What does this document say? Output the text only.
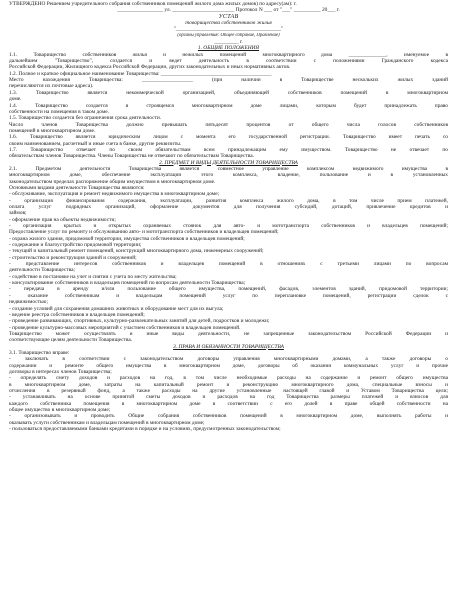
УТВЕРЖДЕНО Решением учредительного собрания собственников помещений жилого дома жилых домов) по адресу(ам): г.
_________________ ул. _______________________ Протокол N ___ от "___" __________ 20___ г.
УСТАВ
товарищества собственников жилья
"_______________________________________"
(органы управления: Общее собрание, Правление)
_________ г.
1. ОБЩИЕ ПОЛОЖЕНИЯ
1.1. Товарищество собственников жилья и нежилых помещений многоквартирного дома ______________, именуемое в
дальнейшем "Товарищество", создается и ведет деятельность в соответствии с положениями Гражданского кодекса
Российской Федерации, Жилищного кодекса Российской Федерации, других законодательных и иных нормативных актов.
1.2. Полное и краткое официальное наименование Товарищества: _________________________________________
Место нахождения Товарищества: ___________________ (при наличии в Товариществе нескольких жилых зданий
перечисляются их почтовые адреса).
1.3. Товарищество является некоммерческой организацией, объединяющей собственников помещений в многоквартирном
доме.
1.4. Товарищество создается в строящемся многоквартирном доме лицами, которым будет принадлежать право
собственности на помещения в таком доме.
1.5. Товарищество создается без ограничения срока деятельности.
Число членов Товарищества должно превышать пятьдесят процентов от общего числа голосов собственников
помещений в многоквартирном доме.
1.6. Товарищество является юридическим лицом с момента его государственной регистрации. Товарищество имеет печать со
своим наименованием, расчетный и иные счета в банке, другие реквизиты.
1.7. Товарищество отвечает по своим обязательствам всем принадлежащим ему имуществом. Товарищество не отвечает по
обязательствам членов Товарищества. Члены Товарищества не отвечают по обязательствам Товарищества.
2. ПРЕДМЕТ И ВИДЫ ДЕЯТЕЛЬНОСТИ ТОВАРИЩЕСТВА
2.1. Предметом деятельности Товарищества является совместное управление комплексом недвижимого имущества в
многоквартирном доме, обеспечение эксплуатации этого комплекса, владение, пользование и в установленных
законодательством пределах распоряжение общим имуществом в многоквартирном доме.
Основными видами деятельности Товарищества являются:
- обслуживание, эксплуатация и ремонт недвижимого имущества в многоквартирном доме;
- организация финансирования содержания, эксплуатации, развития комплекса жилого дома, в том числе прием платежей,
оплата услуг подрядных организаций, оформление документов для получения субсидий, дотаций, привлечение кредитов и
займов;
- оформление прав на объекты недвижимости;
- организация крытых и открытых охраняемых стоянок для авто- и мототранспорта собственников и владельцев помещений;
Предоставление услуг по ремонту и обслуживанию авто- и мототранспорта собственников и владельцев помещений;
- охрана жилого здания, придомовой территории, имущества собственников и владельцев помещений;
- содержание и благоустройство придомовой территории;
- текущий и капитальный ремонт помещений, конструкций многоквартирного дома, инженерных сооружений;
- строительство и реконструкция зданий и сооружений;
- представление интересов собственников и владельцев помещений в отношениях с третьими лицами по вопросам
деятельности Товарищества;
- содействие в постановке на учет и снятии с учета по месту жительства;
- консультирование собственников и владельцев помещений по вопросам деятельности Товарищества;
- передача в аренду и/или пользование общего имущества, помещений, фасадов, элементов зданий, придомовой территории;
- оказание собственникам и владельцам помещений услуг по переплановке помещений, регистрации сделок с
недвижимостью;
- создание условий для сохранения домашних животных и оборудование мест для их выгула;
- ведение реестра собственников и владельцев помещений;
- проведение развивающих, спортивных, культурно-развлекательных занятий для детей, подростков и молодежи;
- проведение культурно-массовых мероприятий с участием собственников и владельцев помещений.
Товарищество может осуществлять и иные виды деятельности, не запрещенные законодательством Российской Федерации и
соответствующие целям деятельности Товарищества.
3. ПРАВА И ОБЯЗАННОСТИ ТОВАРИЩЕСТВА
3.1. Товарищество вправе:
- заключать в соответствии с законодательством договоры управления многоквартирными домами, а также договоры о
содержании и ремонте общего имущества в многоквартирном доме, договоры об оказании коммунальных услуг и прочие
договоры в интересах членов Товарищества;
- определять смету доходов и расходов на год, в том числе необходимые расходы на содержание и ремонт общего имущества
в многоквартирном доме, затраты на капитальный ремонт и реконструкцию многоквартирного дома, специальные взносы и
отчисления в резервный фонд, а также расходы на другие установленные настоящей главой и Уставом Товарищества цели;
- устанавливать на основе принятой сметы доходов и расходов на год Товарищества размеры платежей и взносов для
каждого собственника помещения в многоквартирном доме в соответствии с его долей в праве общей собственности на
общее имущество в многоквартирном доме;
- организовывать и проводить Общие собрания собственников помещений в многоквартирном доме, выполнять работы и
оказывать услуги собственникам и владельцам помещений в многоквартирном доме;
- пользоваться предоставляемыми банками кредитами в порядке и на условиях, предусмотренных законодательством;
